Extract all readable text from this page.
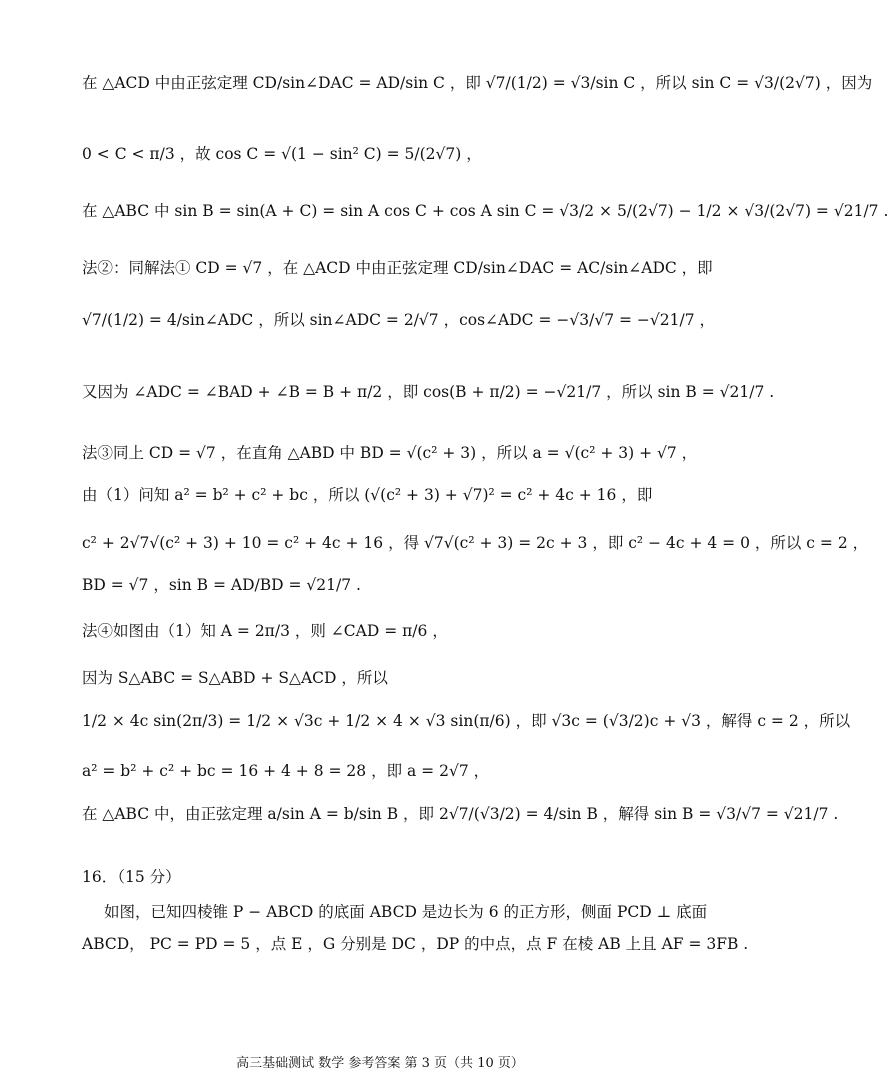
在 △ACD 中由正弦定理 CD/sin∠DAC = AD/sin C ，即 √7/(1/2) = √3/sin C ，所以 sin C = √3/(2√7) ，因为
0 < C < π/3 ，故 cos C = √(1 − sin² C) = 5/(2√7) ，
在 △ABC 中 sin B = sin(A + C) = sin A cos C + cos A sin C = √3/2 × 5/(2√7) − 1/2 × √3/(2√7) = √21/7 .
法②：同解法① CD = √7 ，在 △ACD 中由正弦定理 CD/sin∠DAC = AC/sin∠ADC ，即
√7/(1/2) = 4/sin∠ADC ，所以 sin∠ADC = 2/√7 ，cos∠ADC = −√3/√7 = −√21/7 ，
又因为 ∠ADC = ∠BAD + ∠B = B + π/2 ，即 cos(B + π/2) = −√21/7 ，所以 sin B = √21/7 .
法③同上 CD = √7 ，在直角 △ABD 中 BD = √(c² + 3) ，所以 a = √(c² + 3) + √7 ，
由（1）问知 a² = b² + c² + bc ，所以 (√(c² + 3) + √7)² = c² + 4c + 16 ，即
c² + 2√7√(c² + 3) + 10 = c² + 4c + 16 ，得 √7√(c² + 3) = 2c + 3 ，即 c² − 4c + 4 = 0 ，所以 c = 2 ，
BD = √7 ，sin B = AD/BD = √21/7 .
法④如图由（1）知 A = 2π/3 ，则 ∠CAD = π/6 ，
因为 S△ABC = S△ABD + S△ACD ，所以
1/2 × 4c sin(2π/3) = 1/2 × √3c + 1/2 × 4 × √3 sin(π/6) ，即 √3c = (√3/2)c + √3 ，解得 c = 2 ，所以
a² = b² + c² + bc = 16 + 4 + 8 = 28 ，即 a = 2√7 ，
在 △ABC 中，由正弦定理 a/sin A = b/sin B ，即 2√7/(√3/2) = 4/sin B ，解得 sin B = √3/√7 = √21/7 .
16．（15 分）
如图，已知四棱锥 P − ABCD 的底面 ABCD 是边长为 6 的正方形，侧面 PCD ⊥ 底面
ABCD， PC = PD = 5 ，点 E ，G 分别是 DC ，DP 的中点，点 F 在棱 AB 上且 AF = 3FB .
高三基础测试 数学 参考答案 第 3 页（共 10 页）
